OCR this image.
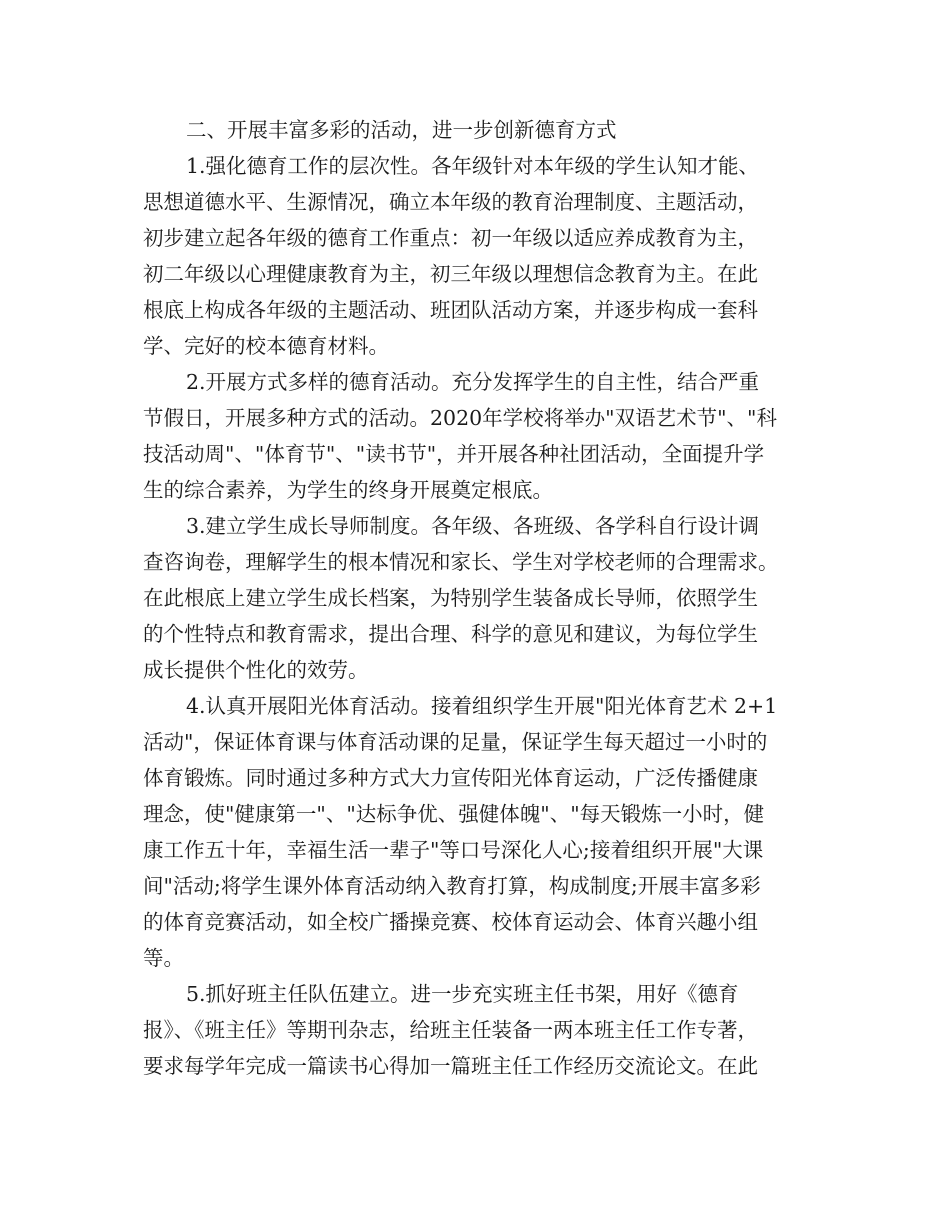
二、开展丰富多彩的活动，进一步创新德育方式
1.强化德育工作的层次性。各年级针对本年级的学生认知才能、
思想道德水平、生源情况，确立本年级的教育治理制度、主题活动，
初步建立起各年级的德育工作重点：初一年级以适应养成教育为主，
初二年级以心理健康教育为主，初三年级以理想信念教育为主。在此
根底上构成各年级的主题活动、班团队活动方案，并逐步构成一套科
学、完好的校本德育材料。
2.开展方式多样的德育活动。充分发挥学生的自主性，结合严重
节假日，开展多种方式的活动。2020年学校将举办"双语艺术节"、"科
技活动周"、"体育节"、"读书节"，并开展各种社团活动，全面提升学
生的综合素养，为学生的终身开展奠定根底。
3.建立学生成长导师制度。各年级、各班级、各学科自行设计调
查咨询卷，理解学生的根本情况和家长、学生对学校老师的合理需求。
在此根底上建立学生成长档案，为特别学生装备成长导师，依照学生
的个性特点和教育需求，提出合理、科学的意见和建议，为每位学生
成长提供个性化的效劳。
4.认真开展阳光体育活动。接着组织学生开展"阳光体育艺术 2+1
活动"，保证体育课与体育活动课的足量，保证学生每天超过一小时的
体育锻炼。同时通过多种方式大力宣传阳光体育运动，广泛传播健康
理念，使"健康第一"、"达标争优、强健体魄"、"每天锻炼一小时，健
康工作五十年，幸福生活一辈子"等口号深化人心;接着组织开展"大课
间"活动;将学生课外体育活动纳入教育打算，构成制度;开展丰富多彩
的体育竞赛活动，如全校广播操竞赛、校体育运动会、体育兴趣小组
等。
5.抓好班主任队伍建立。进一步充实班主任书架，用好《德育
报》、《班主任》等期刊杂志，给班主任装备一两本班主任工作专著，
要求每学年完成一篇读书心得加一篇班主任工作经历交流论文。在此
